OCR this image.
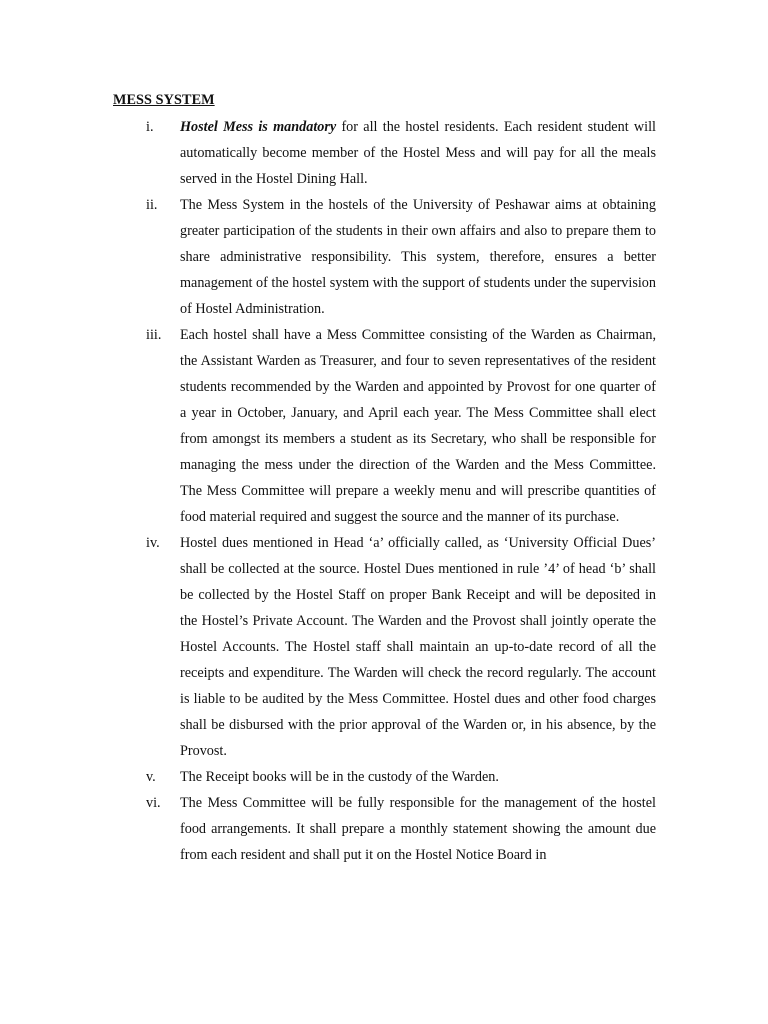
MESS SYSTEM
i.	Hostel Mess is mandatory for all the hostel residents. Each resident student will automatically become member of the Hostel Mess and will pay for all the meals served in the Hostel Dining Hall.
ii.	The Mess System in the hostels of the University of Peshawar aims at obtaining greater participation of the students in their own affairs and also to prepare them to share administrative responsibility. This system, therefore, ensures a better management of the hostel system with the support of students under the supervision of Hostel Administration.
iii.	Each hostel shall have a Mess Committee consisting of the Warden as Chairman, the Assistant Warden as Treasurer, and four to seven representatives of the resident students recommended by the Warden and appointed by Provost for one quarter of a year in October, January, and April each year. The Mess Committee shall elect from amongst its members a student as its Secretary, who shall be responsible for managing the mess under the direction of the Warden and the Mess Committee. The Mess Committee will prepare a weekly menu and will prescribe quantities of food material required and suggest the source and the manner of its purchase.
iv.	Hostel dues mentioned in Head ‘a’ officially called, as ‘University Official Dues’ shall be collected at the source. Hostel Dues mentioned in rule ’4’ of head ‘b’ shall be collected by the Hostel Staff on proper Bank Receipt and will be deposited in the Hostel’s Private Account. The Warden and the Provost shall jointly operate the Hostel Accounts. The Hostel staff shall maintain an up-to-date record of all the receipts and expenditure. The Warden will check the record regularly. The account is liable to be audited by the Mess Committee. Hostel dues and other food charges shall be disbursed with the prior approval of the Warden or, in his absence, by the Provost.
v.	The Receipt books will be in the custody of the Warden.
vi.	The Mess Committee will be fully responsible for the management of the hostel food arrangements. It shall prepare a monthly statement showing the amount due from each resident and shall put it on the Hostel Notice Board in
